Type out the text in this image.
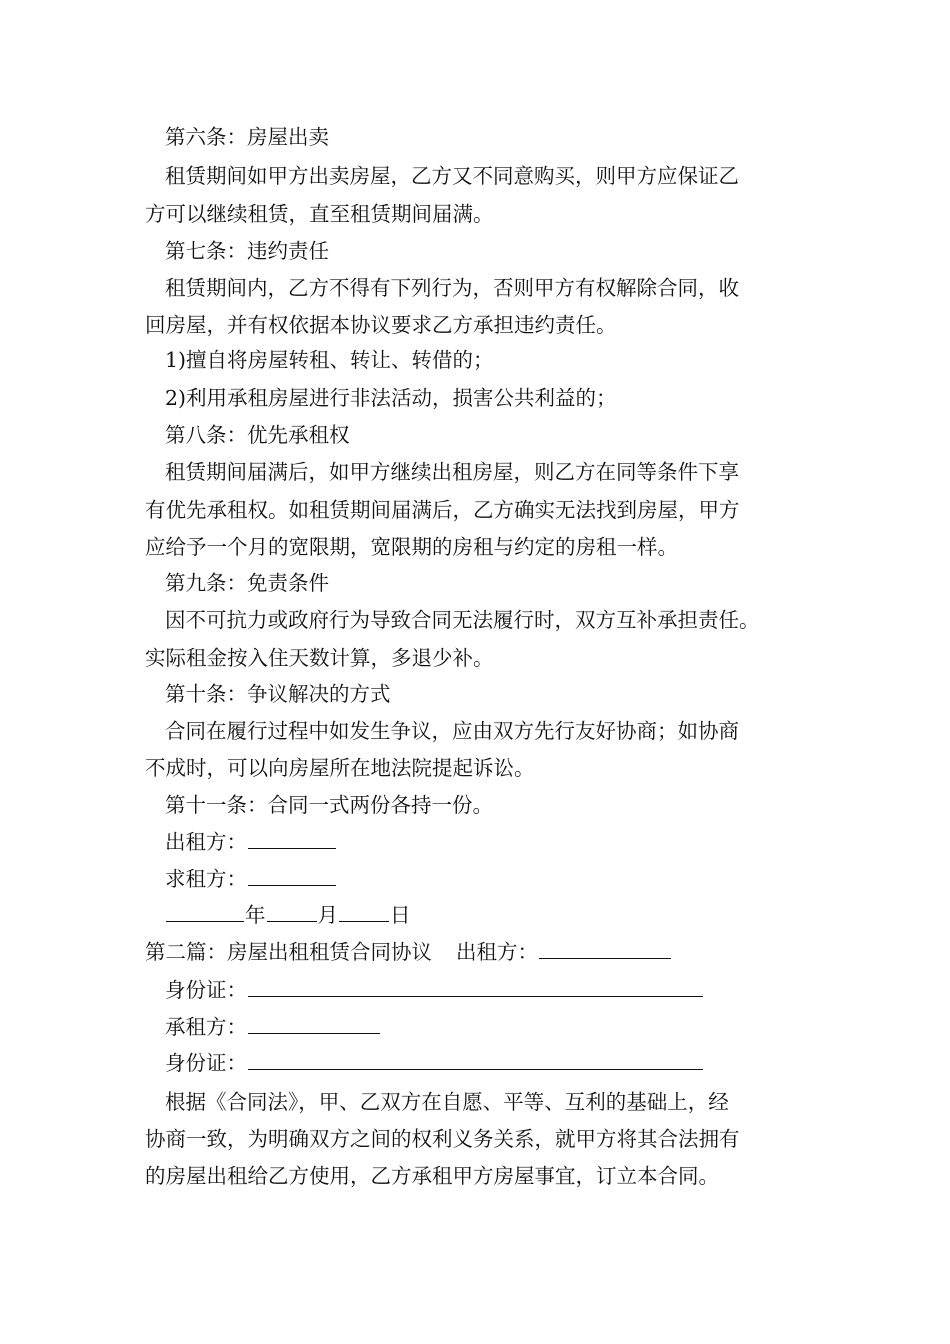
第六条：房屋出卖
租赁期间如甲方出卖房屋，乙方又不同意购买，则甲方应保证乙
方可以继续租赁，直至租赁期间届满。
第七条：违约责任
租赁期间内，乙方不得有下列行为，否则甲方有权解除合同，收
回房屋，并有权依据本协议要求乙方承担违约责任。
1)擅自将房屋转租、转让、转借的；
2)利用承租房屋进行非法活动，损害公共利益的；
第八条：优先承租权
租赁期间届满后，如甲方继续出租房屋，则乙方在同等条件下享
有优先承租权。如租赁期间届满后，乙方确实无法找到房屋，甲方
应给予一个月的宽限期，宽限期的房租与约定的房租一样。
第九条：免责条件
因不可抗力或政府行为导致合同无法履行时，双方互补承担责任。
实际租金按入住天数计算，多退少补。
第十条：争议解决的方式
合同在履行过程中如发生争议，应由双方先行友好协商；如协商
不成时，可以向房屋所在地法院提起诉讼。
第十一条：合同一式两份各持一份。
出租方：
求租方：
年	月	日
第二篇：房屋出租租赁合同协议 出租方：
身份证：
承租方：
身份证：
根据《合同法》，甲、乙双方在自愿、平等、互利的基础上，经
协商一致，为明确双方之间的权利义务关系，就甲方将其合法拥有
的房屋出租给乙方使用，乙方承租甲方房屋事宜，订立本合同。
